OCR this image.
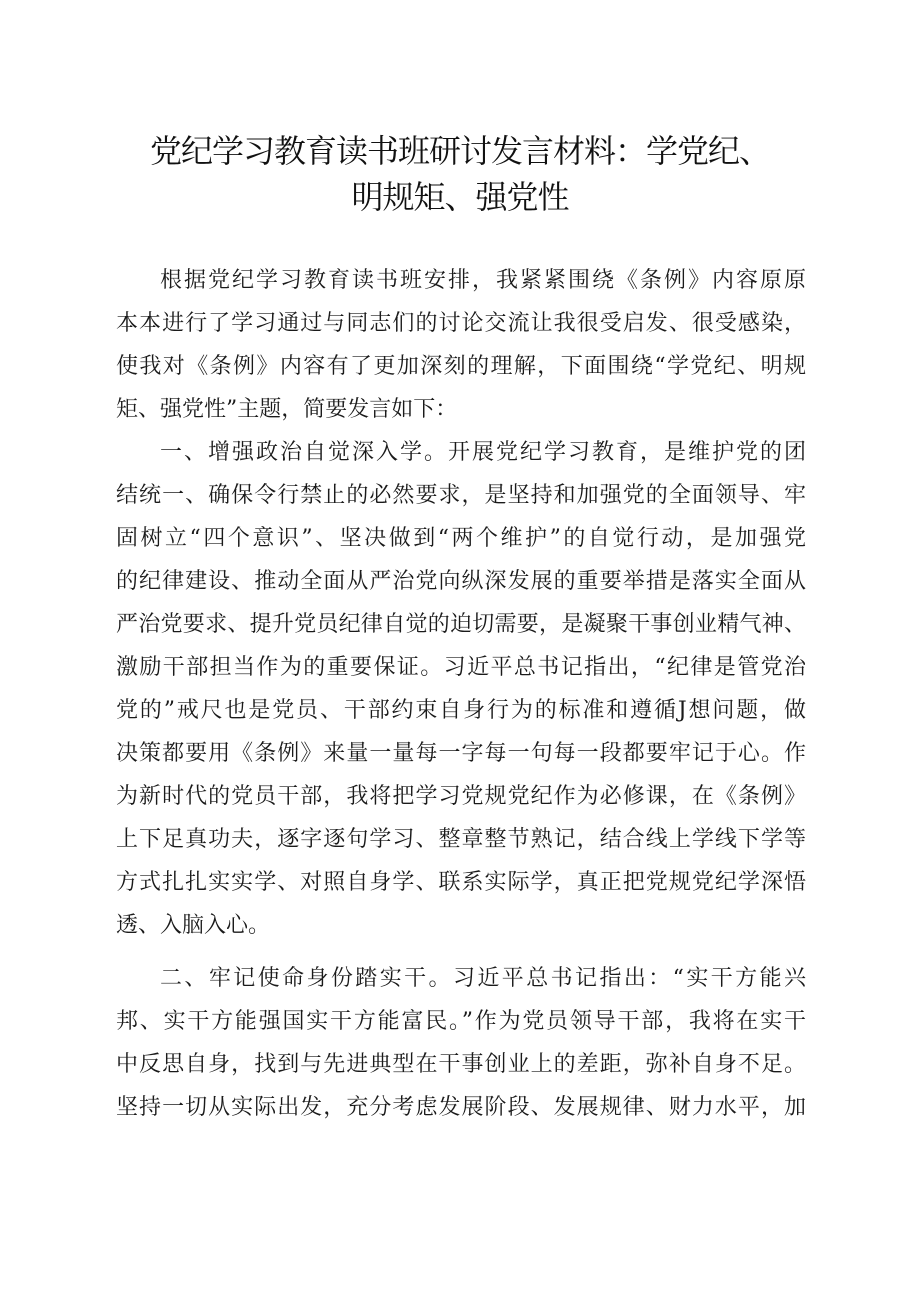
党纪学习教育读书班研讨发言材料：学党纪、
明规矩、强党性
根据党纪学习教育读书班安排，我紧紧围绕《条例》内容原原
本本进行了学习通过与同志们的讨论交流让我很受启发、很受感染，
使我对《条例》内容有了更加深刻的理解，下面围绕“学党纪、明规
矩、强党性”主题，简要发言如下：
一、增强政治自觉深入学。开展党纪学习教育，是维护党的团
结统一、确保令行禁止的必然要求，是坚持和加强党的全面领导、牢
固树立“四个意识”、坚决做到“两个维护”的自觉行动，是加强党
的纪律建设、推动全面从严治党向纵深发展的重要举措是落实全面从
严治党要求、提升党员纪律自觉的迫切需要，是凝聚干事创业精气神、
激励干部担当作为的重要保证。习近平总书记指出，“纪律是管党治
党的”戒尺也是党员、干部约束自身行为的标准和遵循J想问题，做
决策都要用《条例》来量一量每一字每一句每一段都要牢记于心。作
为新时代的党员干部，我将把学习党规党纪作为必修课，在《条例》
上下足真功夫，逐字逐句学习、整章整节熟记，结合线上学线下学等
方式扎扎实实学、对照自身学、联系实际学，真正把党规党纪学深悟
透、入脑入心。
二、牢记使命身份踏实干。习近平总书记指出：“实干方能兴
邦、实干方能强国实干方能富民。”作为党员领导干部，我将在实干
中反思自身，找到与先进典型在干事创业上的差距，弥补自身不足。
坚持一切从实际出发，充分考虑发展阶段、发展规律、财力水平，加
